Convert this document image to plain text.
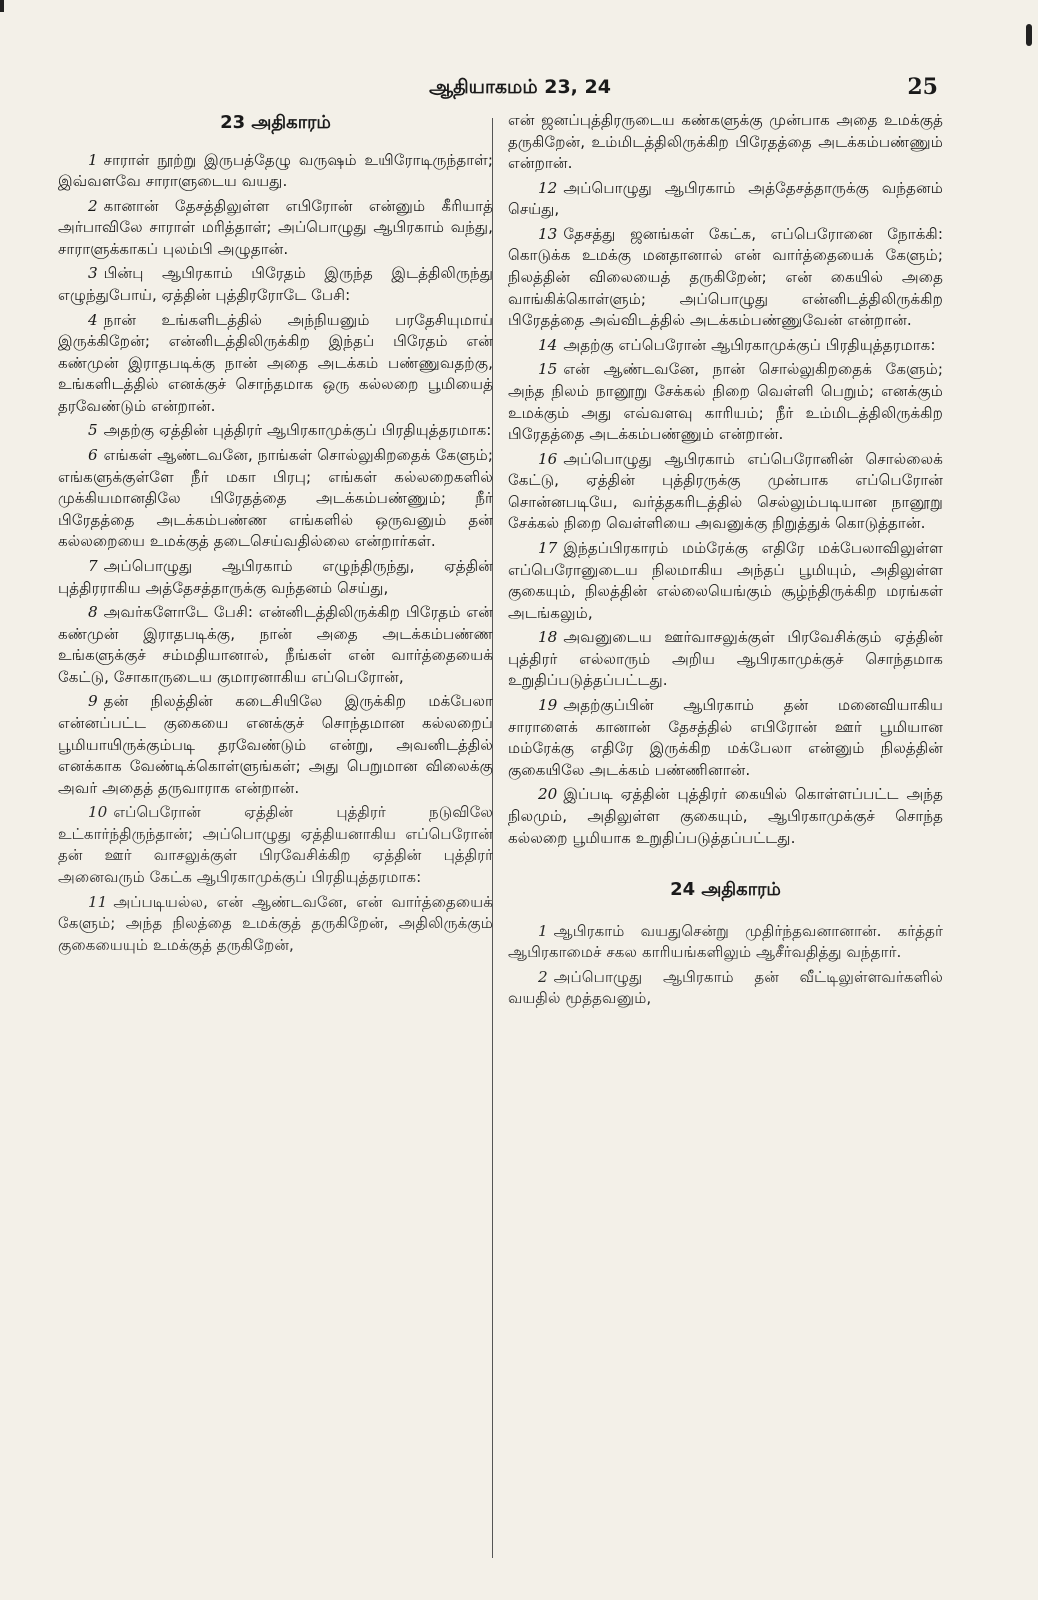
ஆதியாகமம் 23, 24	25
23 அதிகாரம்

1 சாராள் நூற்று இருபத்தேழு வருஷம் உயிரோடிருந்தாள்; இவ்வளவே சாராளுடைய வயது.

2 கானான் தேசத்திலுள்ள எபிரோன் என்னும் கீரியாத் அர்பாவிலே சாராள் மரித்தாள்; அப்பொழுது ஆபிரகாம் வந்து, சாராளுக்காகப் புலம்பி அழுதான்.

3 பின்பு ஆபிரகாம் பிரேதம் இருந்த இடத்திலிருந்து எழுந்துபோய், ஏத்தின் புத்திரரோடே பேசி:

4 நான் உங்களிடத்தில் அந்நியனும் பரதேசியுமாய் இருக்கிறேன்; என்னிடத்திலிருக்கிற இந்தப் பிரேதம் என் கண்முன் இராதபடிக்கு நான் அதை அடக்கம் பண்ணுவதற்கு, உங்களிடத்தில் எனக்குச் சொந்தமாக ஒரு கல்லறை பூமியைத் தரவேண்டும் என்றான்.

5 அதற்கு ஏத்தின் புத்திரர் ஆபிரகாமுக்குப் பிரதியுத்தரமாக:

6 எங்கள் ஆண்டவனே, நாங்கள் சொல்லுகிறதைக் கேளும்; எங்களுக்குள்ளே நீர் மகா பிரபு; எங்கள் கல்லறைகளில் முக்கியமானதிலே பிரேதத்தை அடக்கம்பண்ணும்; நீர் பிரேதத்தை அடக்கம்பண்ண எங்களில் ஒருவனும் தன் கல்லறையை உமக்குத் தடைசெய்வதில்லை என்றார்கள்.

7 அப்பொழுது ஆபிரகாம் எழுந்திருந்து, ஏத்தின் புத்திரராகிய அத்தேசத்தாருக்கு வந்தனம் செய்து,

8 அவர்களோடே பேசி: என்னிடத்திலிருக்கிற பிரேதம் என் கண்முன் இராதபடிக்கு, நான் அதை அடக்கம்பண்ண உங்களுக்குச் சம்மதியானால், நீங்கள் என் வார்த்தையைக் கேட்டு, சோகாருடைய குமாரனாகிய எப்பெரோன்,

9 தன் நிலத்தின் கடைசியிலே இருக்கிற மக்பேலா என்னப்பட்ட குகையை எனக்குச் சொந்தமான கல்லறைப் பூமியாயிருக்கும்படி தரவேண்டும் என்று, அவனிடத்தில் எனக்காக வேண்டிக்கொள்ளுங்கள்; அது பெறுமான விலைக்கு அவர் அதைத் தருவாராக என்றான்.

10 எப்பெரோன் ஏத்தின் புத்திரர் நடுவிலே உட்கார்ந்திருந்தான்; அப்பொழுது ஏத்தியனாகிய எப்பெரோன் தன் ஊர் வாசலுக்குள் பிரவேசிக்கிற ஏத்தின் புத்திரர் அனைவரும் கேட்க ஆபிரகாமுக்குப் பிரதியுத்தரமாக:

11 அப்படியல்ல, என் ஆண்டவனே, என் வார்த்தையைக் கேளும்; அந்த நிலத்தை உமக்குத் தருகிறேன், அதிலிருக்கும் குகையையும் உமக்குத் தருகிறேன்,

என் ஜனப்புத்திரருடைய கண்களுக்கு முன்பாக அதை உமக்குத் தருகிறேன், உம்மிடத்திலிருக்கிற பிரேதத்தை அடக்கம்பண்ணும் என்றான்.

12 அப்பொழுது ஆபிரகாம் அத்தேசத்தாருக்கு வந்தனம் செய்து,

13 தேசத்து ஜனங்கள் கேட்க, எப்பெரோனை நோக்கி: கொடுக்க உமக்கு மனதானால் என் வார்த்தையைக் கேளும்; நிலத்தின் விலையைத் தருகிறேன்; என் கையில் அதை வாங்கிக்கொள்ளும்; அப்பொழுது என்னிடத்திலிருக்கிற பிரேதத்தை அவ்விடத்தில் அடக்கம்பண்ணுவேன் என்றான்.

14 அதற்கு எப்பெரோன் ஆபிரகாமுக்குப் பிரதியுத்தரமாக:

15 என் ஆண்டவனே, நான் சொல்லுகிறதைக் கேளும்; அந்த நிலம் நானூறு சேக்கல் நிறை வெள்ளி பெறும்; எனக்கும் உமக்கும் அது எவ்வளவு காரியம்; நீர் உம்மிடத்திலிருக்கிற பிரேதத்தை அடக்கம்பண்ணும் என்றான்.

16 அப்பொழுது ஆபிரகாம் எப்பெரோனின் சொல்லைக் கேட்டு, ஏத்தின் புத்திரருக்கு முன்பாக எப்பெரோன் சொன்னபடியே, வர்த்தகரிடத்தில் செல்லும்படியான நானூறு சேக்கல் நிறை வெள்ளியை அவனுக்கு நிறுத்துக் கொடுத்தான்.

17 இந்தப்பிரகாரம் மம்ரேக்கு எதிரே மக்பேலாவிலுள்ள எப்பெரோனுடைய நிலமாகிய அந்தப் பூமியும், அதிலுள்ள குகையும், நிலத்தின் எல்லையெங்கும் சூழ்ந்திருக்கிற மரங்கள் அடங்கலும்,

18 அவனுடைய ஊர்வாசலுக்குள் பிரவேசிக்கும் ஏத்தின் புத்திரர் எல்லாரும் அறிய ஆபிரகாமுக்குச் சொந்தமாக உறுதிப்படுத்தப்பட்டது.

19 அதற்குப்பின் ஆபிரகாம் தன் மனைவியாகிய சாராளைக் கானான் தேசத்தில் எபிரோன் ஊர் பூமியான மம்ரேக்கு எதிரே இருக்கிற மக்பேலா என்னும் நிலத்தின் குகையிலே அடக்கம் பண்ணினான்.

20 இப்படி ஏத்தின் புத்திரர் கையில் கொள்ளப்பட்ட அந்த நிலமும், அதிலுள்ள குகையும், ஆபிரகாமுக்குச் சொந்த கல்லறை பூமியாக உறுதிப்படுத்தப்பட்டது.

24 அதிகாரம்

1 ஆபிரகாம் வயதுசென்று முதிர்ந்தவனானான். கர்த்தர் ஆபிரகாமைச் சகல காரியங்களிலும் ஆசீர்வதித்து வந்தார்.

2 அப்பொழுது ஆபிரகாம் தன் வீட்டிலுள்ளவர்களில் வயதில் மூத்தவனும்,
